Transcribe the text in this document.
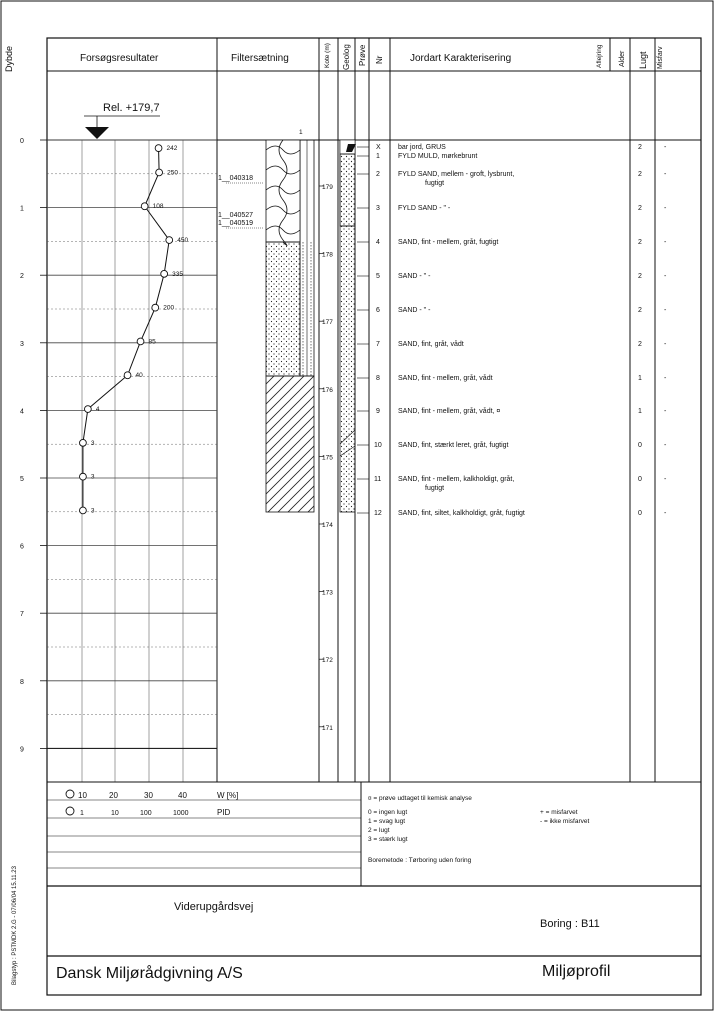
Dybde	Forsøgsresultater	Filtersætning	Kote (m) Geolog Prøve Nr	Jordart Karakterisering	Aflejring Alder Lugt Misfarv
Rel. +179,7
0
1
2
3
4
5
6
7
8
9
1
1__040318
1__040527
1__040519
179
178
177
176
175
174
173
172
171
X bar jord, GRUS	2	-
1	FYLD MULD, mørkebrunt
2	FYLD SAND, mellem - groft, lysbrunt,
fugtigt
2	-
3	FYLD SAND - " -	2	-
4	SAND, fint - mellem, gråt, fugtigt	2	-
5	SAND - " -	2	-
6	SAND - " -	2	-
7	SAND, fint, gråt, vådt	2	-
8	SAND, fint - mellem, gråt, vådt	1	-
9	SAND, fint - mellem, gråt, vådt, ¤	1	-
10 SAND, fint, stærkt leret, gråt, fugtigt	0	-
11 SAND, fint - mellem, kalkholdigt, gråt,
fugtigt
0	-
12 SAND, fint, siltet, kalkholdigt, gråt, fugtigt	0	-
242
250
108
450
335
200
85
40
4
3
3
3
10	20	30	40	W [%]
1	10	100	1000	PID
¤ = prøve udtaget til kemisk analyse
0 = ingen lugt
1 = svag lugt
2 = lugt
3 = stærk lugt
+ = misfarvet
- = ikke misfarvet
Boremetode : Tørboring uden foring
Viderupgårdsvej
Boring : B11
Dansk Miljørådgivning A/S	Miljøprofil
Bilagstyp : PSTMDK 2.G - 07/06/04 15.11.23
